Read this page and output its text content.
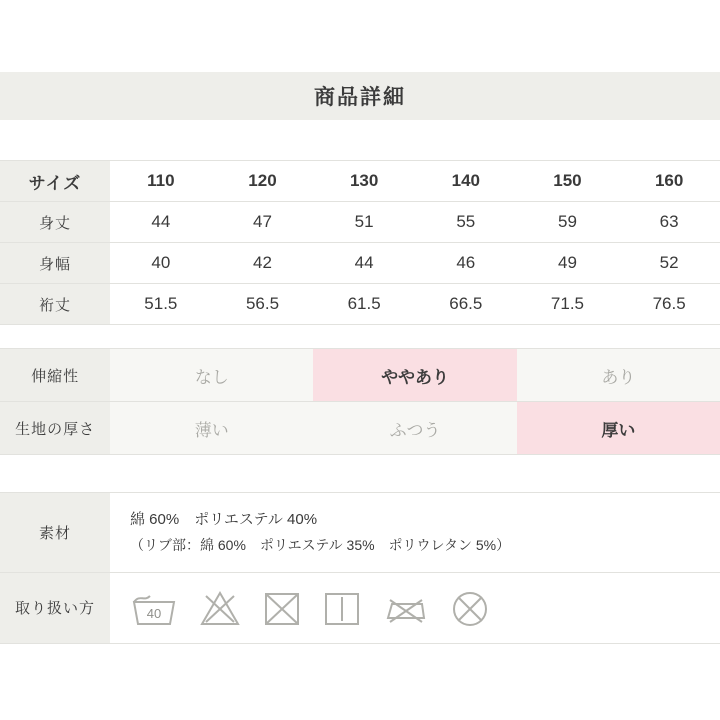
商品詳細
サイズ	110	120	130	140	150	160
身丈	44	47	51	55	59	63
身幅	40	42	44	46	49	52
裄丈	51.5	56.5	61.5	66.5	71.5	76.5
伸縮性	なし	ややあり	あり
生地の厚さ	薄い	ふつう	厚い
素材	綿 60%　ポリエステル 40%
（リブ部：綿 60%　ポリエステル 35%　ポリウレタン 5%）

取り扱い方	40
